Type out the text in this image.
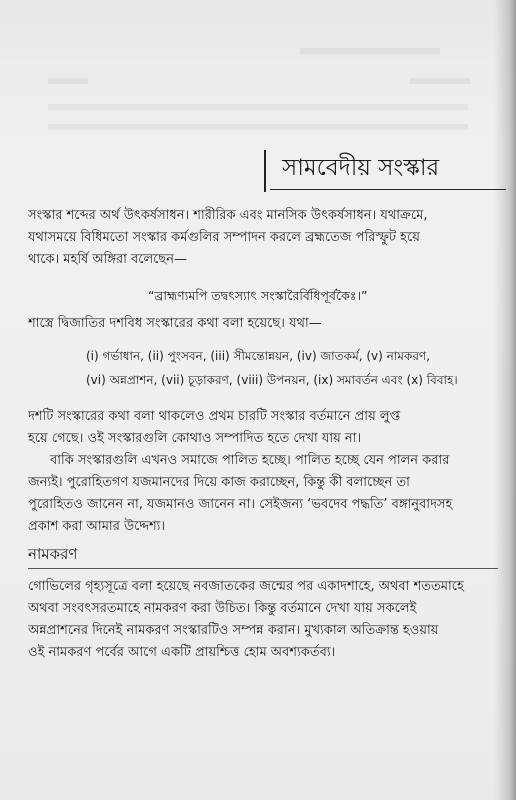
সামবেদীয় সংস্কার
সংস্কার শব্দের অর্থ উৎকর্ষসাধন। শারীরিক এবং মানসিক উৎকর্ষসাধন। যথাক্রমে,
যথাসময়ে বিধিমতো সংস্কার কর্মগুলির সম্পাদন করলে ব্রহ্মতেজ পরিস্ফুট হয়ে
থাকে। মহর্ষি অঙ্গিরা বলেছেন—
“ব্রাহ্মণ্যমপি তদ্বৎস্যাৎ সংস্কারৈর্বিধিপূর্বকৈঃ।”
শাস্ত্রে দ্বিজাতির দশবিধ সংস্কারের কথা বলা হয়েছে। যথা—
(i) গর্ভাধান, (ii) পুংসবন, (iii) সীমন্তোন্নয়ন, (iv) জাতকর্ম, (v) নামকরণ,
(vi) অন্নপ্রাশন, (vii) চূড়াকরণ, (viii) উপনয়ন, (ix) সমাবর্তন এবং (x) বিবাহ।
দশটি সংস্কারের কথা বলা থাকলেও প্রথম চারটি সংস্কার বর্তমানে প্রায় লুপ্ত
হয়ে গেছে। ওই সংস্কারগুলি কোথাও সম্পাদিত হতে দেখা যায় না।
বাকি সংস্কারগুলি এখনও সমাজে পালিত হচ্ছে। পালিত হচ্ছে যেন পালন করার
জন্যই। পুরোহিতগণ যজমানদের দিয়ে কাজ করাচ্ছেন, কিন্তু কী বলাচ্ছেন তা
পুরোহিতও জানেন না, যজমানও জানেন না। সেইজন্য ‘ভবদেব পদ্ধতি’ বঙ্গানুবাদসহ
প্রকাশ করা আমার উদ্দেশ্য।
নামকরণ
গোভিলের গৃহ্যসূত্রে বলা হয়েছে নবজাতকের জন্মের পর একাদশাহে, অথবা শততমাহে
অথবা সংবৎসরতমাহে নামকরণ করা উচিত। কিন্তু বর্তমানে দেখা যায় সকলেই
অন্নপ্রাশনের দিনেই নামকরণ সংস্কারটিও সম্পন্ন করান। মুখ্যকাল অতিক্রান্ত হওয়ায়
ওই নামকরণ পর্বের আগে একটি প্রায়শ্চিত্ত হোম অবশ্যকর্তব্য।
